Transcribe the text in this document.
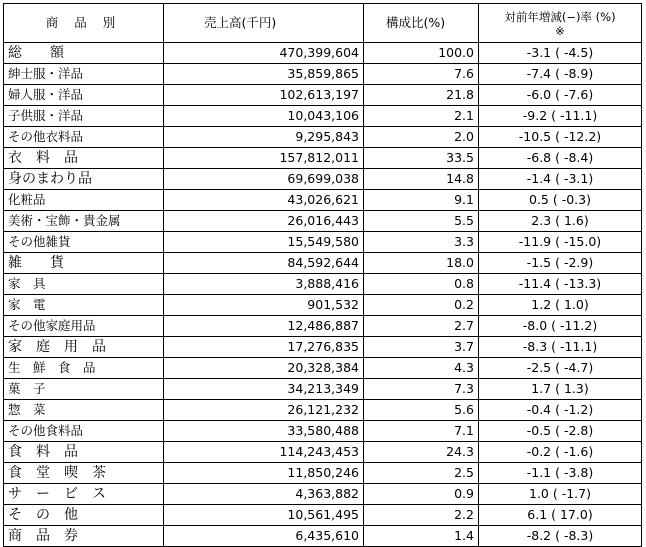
商 品 別	売上高(千円)	構成比(%)	対前年増減(−)率 (%)
※

総　　額	470,399,604	100.0	-3.1 ( -4.5)
紳士服・洋品	35,859,865	7.6	-7.4 ( -8.9)
婦人服・洋品	102,613,197	21.8	-6.0 ( -7.6)
子供服・洋品	10,043,106	2.1	-9.2 ( -11.1)
その他衣料品	9,295,843	2.0	-10.5 ( -12.2)
衣　料　品	157,812,011	33.5	-6.8 ( -8.4)
身のまわり品	69,699,038	14.8	-1.4 ( -3.1)
化粧品	43,026,621	9.1	0.5 ( -0.3)
美術・宝飾・貴金属	26,016,443	5.5	2.3 ( 1.6)
その他雑貨	15,549,580	3.3	-11.9 ( -15.0)
雑　　貨	84,592,644	18.0	-1.5 ( -2.9)
家　具	3,888,416	0.8	-11.4 ( -13.3)
家　電	901,532	0.2	1.2 ( 1.0)
その他家庭用品	12,486,887	2.7	-8.0 ( -11.2)
家　庭　用　品	17,276,835	3.7	-8.3 ( -11.1)
生　鮮　食　品	20,328,384	4.3	-2.5 ( -4.7)
菓　子	34,213,349	7.3	1.7 ( 1.3)
惣　菜	26,121,232	5.6	-0.4 ( -1.2)
その他食料品	33,580,488	7.1	-0.5 ( -2.8)
食　料　品	114,243,453	24.3	-0.2 ( -1.6)
食　堂　喫　茶	11,850,246	2.5	-1.1 ( -3.8)
サ　ー　ビ　ス	4,363,882	0.9	1.0 ( -1.7)
そ　の　他	10,561,495	2.2	6.1 ( 17.0)
商　品　券	6,435,610	1.4	-8.2 ( -8.3)
